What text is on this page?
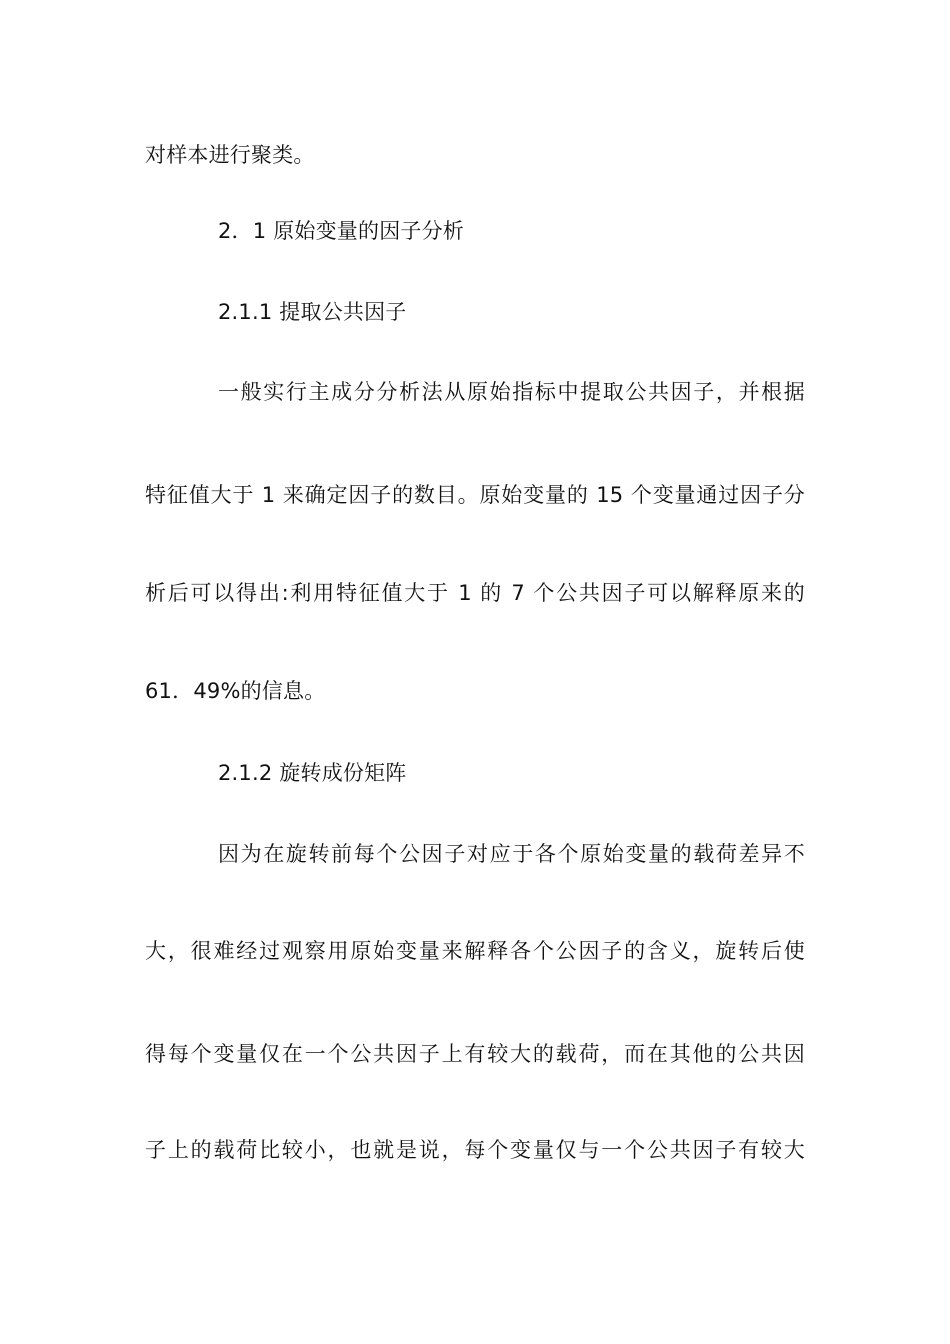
对样本进行聚类。
2．1 原始变量的因子分析
2.1.1 提取公共因子
一般实行主成分分析法从原始指标中提取公共因子，并根据
特征值大于 1 来确定因子的数目。原始变量的 15 个变量通过因子分
析后可以得出:利用特征值大于 1 的 7 个公共因子可以解释原来的
61．49%的信息。
2.1.2 旋转成份矩阵
因为在旋转前每个公因子对应于各个原始变量的载荷差异不
大，很难经过观察用原始变量来解释各个公因子的含义，旋转后使
得每个变量仅在一个公共因子上有较大的载荷，而在其他的公共因
子上的载荷比较小，也就是说，每个变量仅与一个公共因子有较大
